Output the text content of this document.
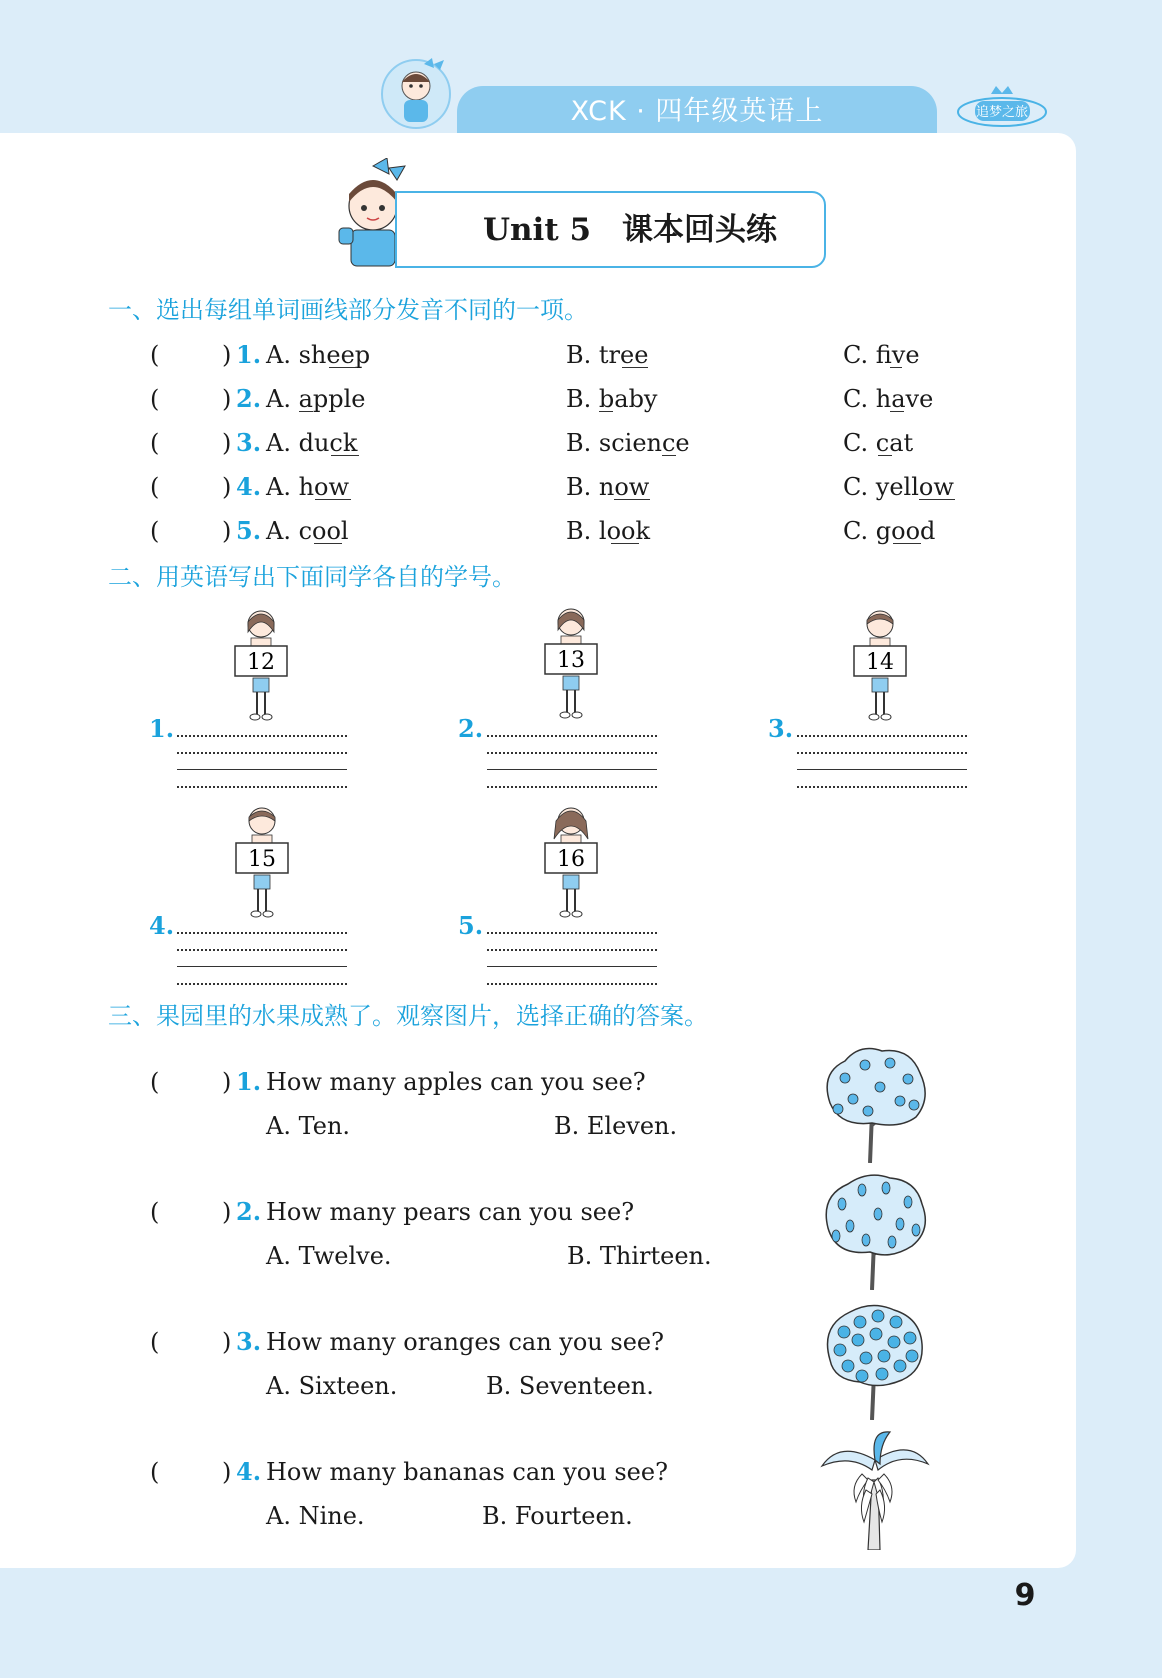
XCK · 四年级英语上	追梦之旅
Unit 5　课本回头练
一、选出每组单词画线部分发音不同的一项。
(	) 1. A. sheep	B. tree	C. five
(	) 2. A. apple	B. baby	C. have
(	) 3. A. duck	B. science	C. cat
(	) 4. A. how	B. now	C. yellow
(	) 5. A. cool	B. look	C. good
二、用英语写出下面同学各自的学号。
12	13	14
15	16
1.	2.	3.
4.	5.
三、果园里的水果成熟了。观察图片，选择正确的答案。
(	) 1. How many apples can you see?
A. Ten.	B. Eleven.
(	) 2. How many pears can you see?
A. Twelve.	B. Thirteen.
(	) 3. How many oranges can you see?
A. Sixteen.	B. Seventeen.
(	) 4. How many bananas can you see?
A. Nine.	B. Fourteen.
9
